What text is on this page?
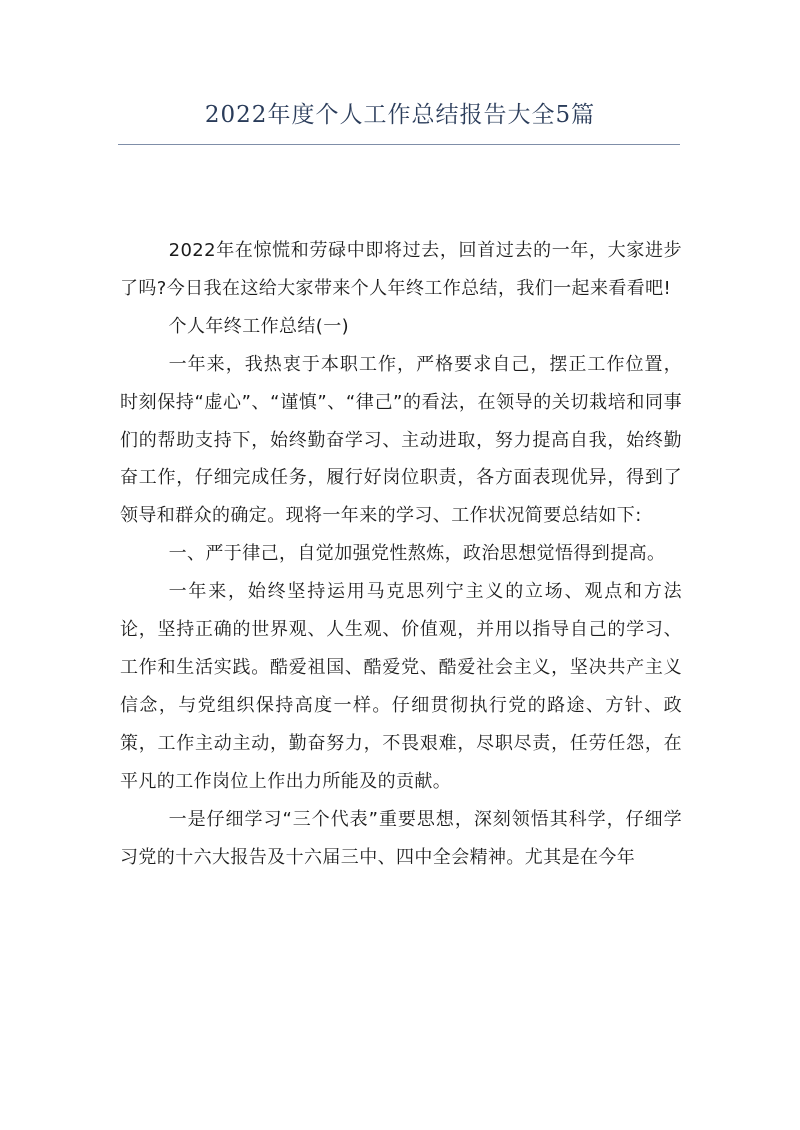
2022年度个人工作总结报告大全5篇

2022年在惊慌和劳碌中即将过去，回首过去的一年，大家进步了吗?今日我在这给大家带来个人年终工作总结，我们一起来看看吧!

个人年终工作总结(一)

一年来，我热衷于本职工作，严格要求自己，摆正工作位置，时刻保持“虚心”、“谨慎”、“律己”的看法，在领导的关切栽培和同事们的帮助支持下，始终勤奋学习、主动进取，努力提高自我，始终勤奋工作，仔细完成任务，履行好岗位职责，各方面表现优异，得到了领导和群众的确定。现将一年来的学习、工作状况简要总结如下:

一、严于律己，自觉加强党性熬炼，政治思想觉悟得到提高。

一年来，始终坚持运用马克思列宁主义的立场、观点和方法论，坚持正确的世界观、人生观、价值观，并用以指导自己的学习、工作和生活实践。酷爱祖国、酷爱党、酷爱社会主义，坚决共产主义信念，与党组织保持高度一样。仔细贯彻执行党的路途、方针、政策，工作主动主动，勤奋努力，不畏艰难，尽职尽责，任劳任怨，在平凡的工作岗位上作出力所能及的贡献。

一是仔细学习“三个代表”重要思想，深刻领悟其科学，仔细学习党的十六大报告及十六届三中、四中全会精神。尤其是在今年
